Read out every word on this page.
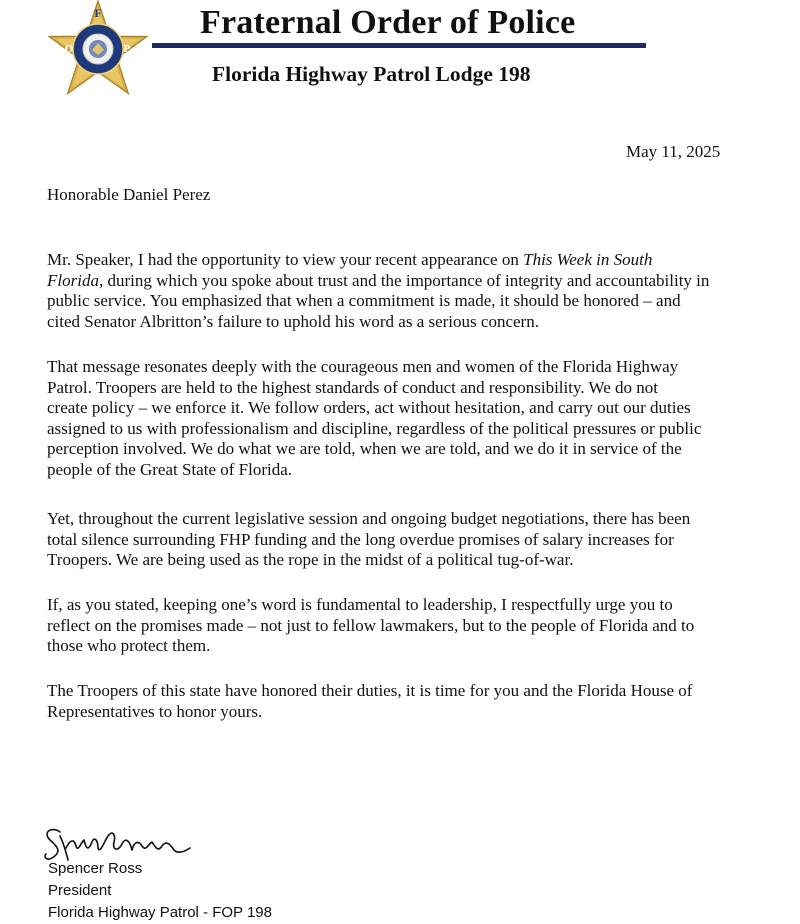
F
O	P
Fraternal Order of Police
Florida Highway Patrol Lodge 198
May 11, 2025
Honorable Daniel Perez
Mr. Speaker, I had the opportunity to view your recent appearance on This Week in South
Florida, during which you spoke about trust and the importance of integrity and accountability in
public service. You emphasized that when a commitment is made, it should be honored – and
cited Senator Albritton’s failure to uphold his word as a serious concern.
That message resonates deeply with the courageous men and women of the Florida Highway
Patrol. Troopers are held to the highest standards of conduct and responsibility. We do not
create policy – we enforce it. We follow orders, act without hesitation, and carry out our duties
assigned to us with professionalism and discipline, regardless of the political pressures or public
perception involved. We do what we are told, when we are told, and we do it in service of the
people of the Great State of Florida.
Yet, throughout the current legislative session and ongoing budget negotiations, there has been
total silence surrounding FHP funding and the long overdue promises of salary increases for
Troopers. We are being used as the rope in the midst of a political tug-of-war.
If, as you stated, keeping one’s word is fundamental to leadership, I respectfully urge you to
reflect on the promises made – not just to fellow lawmakers, but to the people of Florida and to
those who protect them.
The Troopers of this state have honored their duties, it is time for you and the Florida House of
Representatives to honor yours.
Spencer Ross
President
Florida Highway Patrol - FOP 198
